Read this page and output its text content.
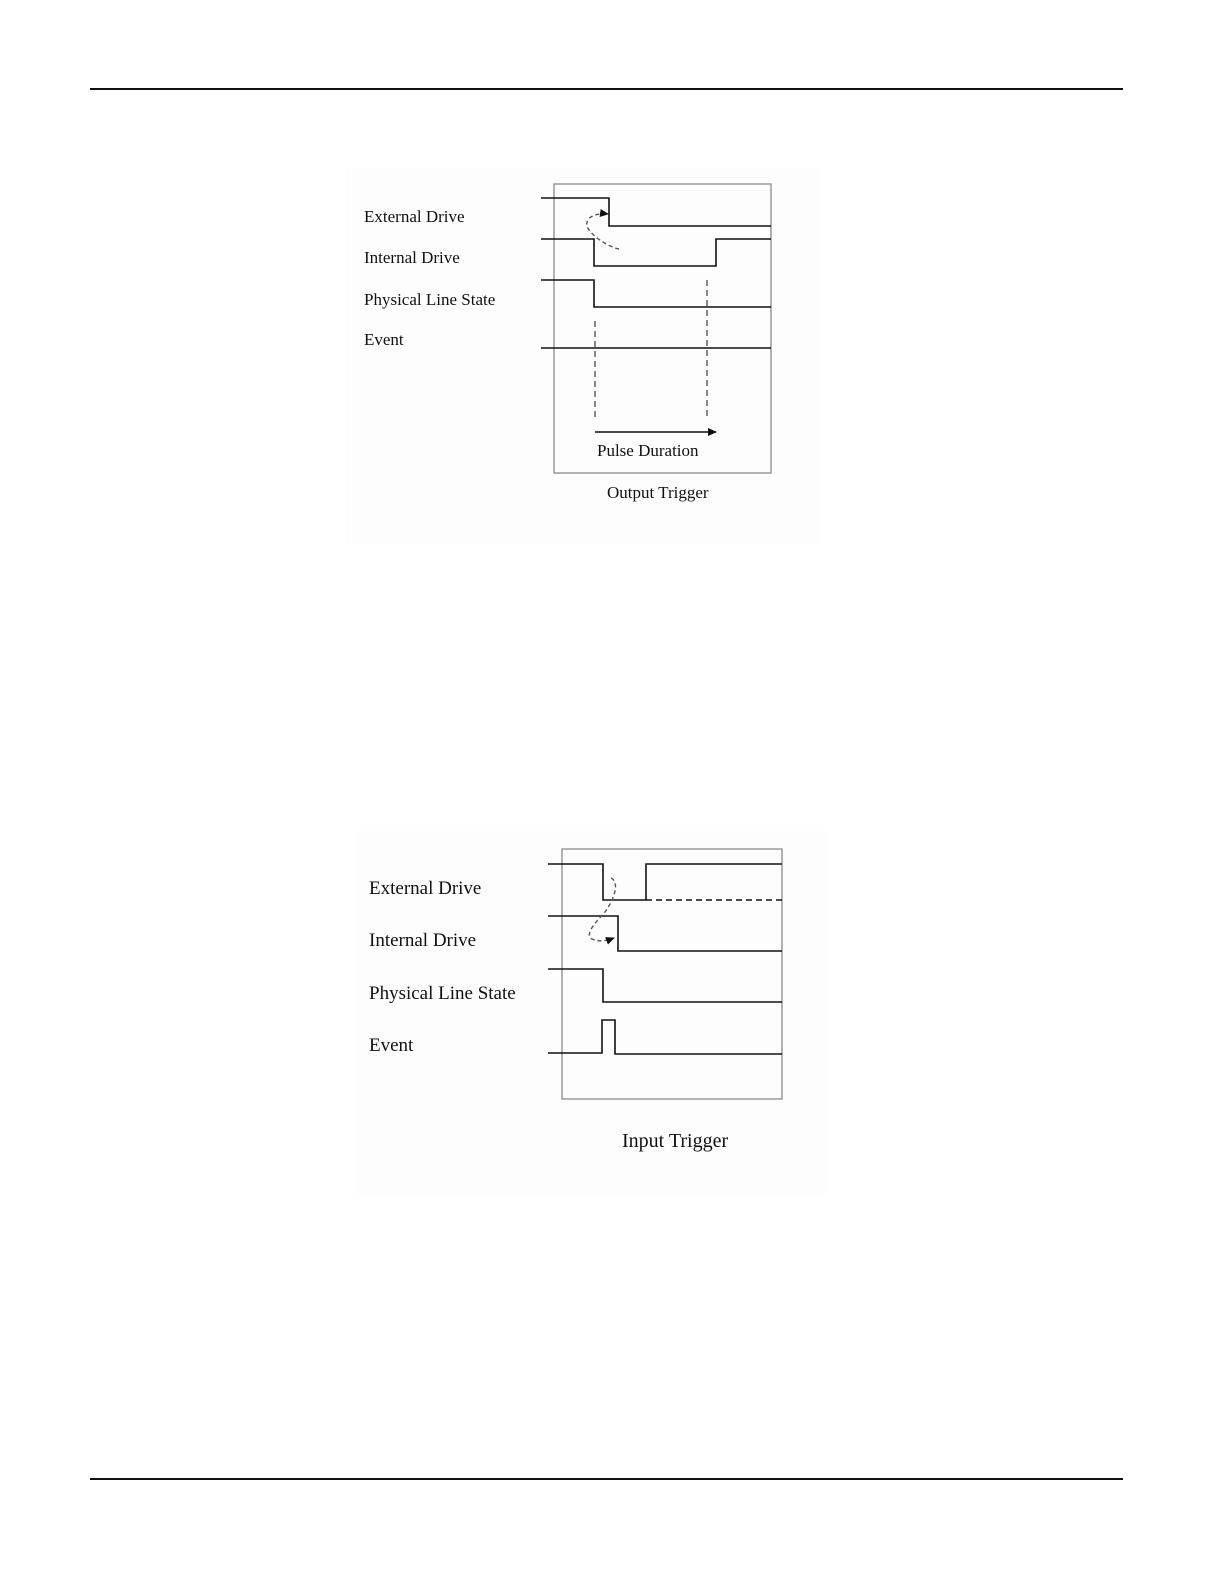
External Drive
Internal Drive
Physical Line State
Event
Pulse Duration
Output Trigger
External Drive
Internal Drive
Physical Line State
Event
Input Trigger
